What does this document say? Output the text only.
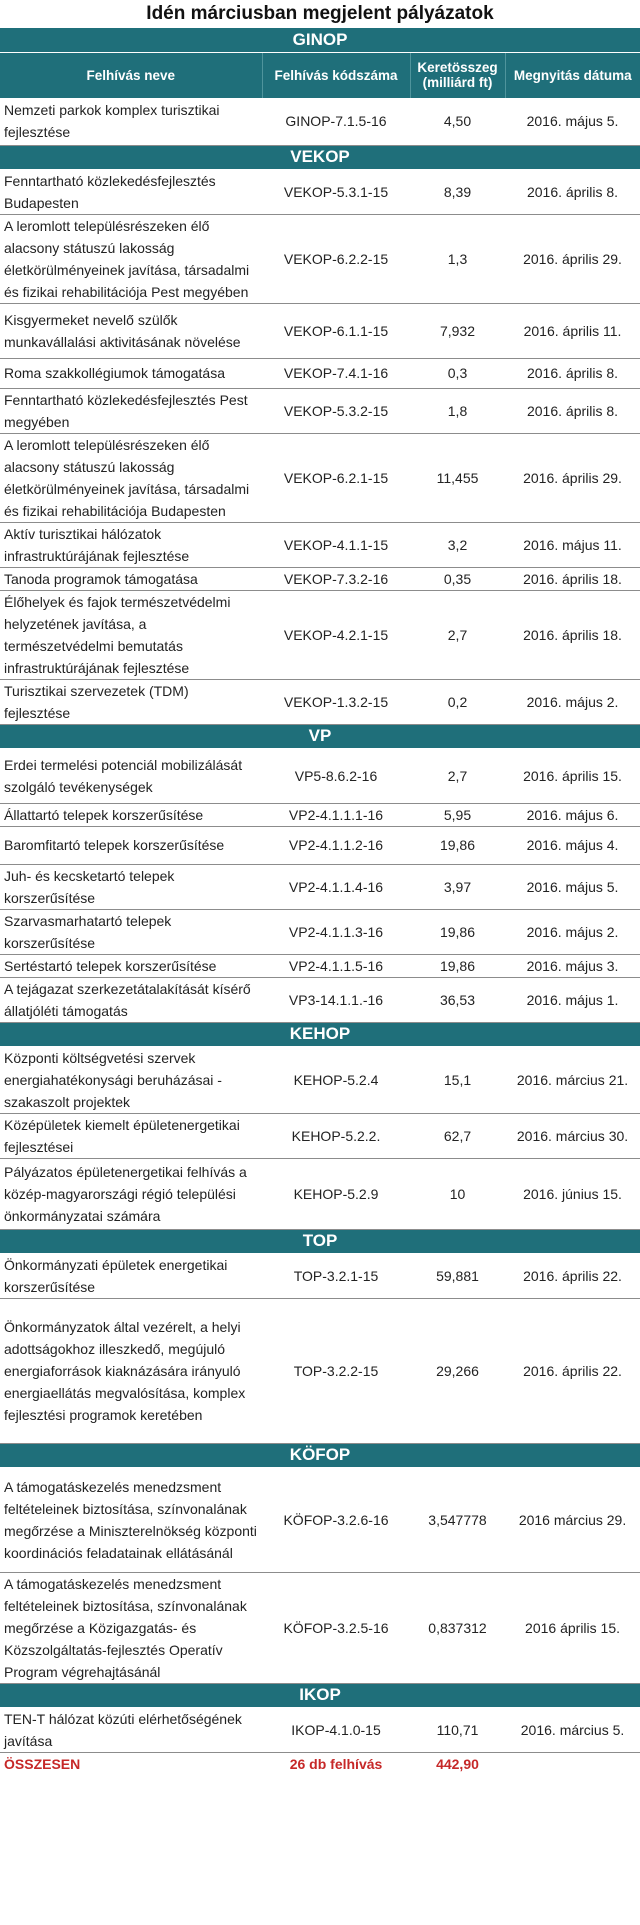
Idén márciusban megjelent pályázatok
GINOP			
Felhívás neve	Felhívás kódszáma	Keretösszeg (milliárd ft)	Megnyitás dátuma
Nemzeti parkok komplex turisztikai fejlesztése	GINOP-7.1.5-16	4,50	2016. május 5.
VEKOP			
Fenntartható közlekedésfejlesztés Budapesten	VEKOP-5.3.1-15	8,39	2016. április 8.
A leromlott településrészeken élő alacsony státuszú lakosság életkörülményeinek javítása, társadalmi és fizikai rehabilitációja Pest megyében	VEKOP-6.2.2-15	1,3	2016. április 29.
Kisgyermeket nevelő szülők munkavállalási aktivitásának növelése	VEKOP-6.1.1-15	7,932	2016. április 11.
Roma szakkollégiumok támogatása	VEKOP-7.4.1-16	0,3	2016. április 8.
Fenntartható közlekedésfejlesztés Pest megyében	VEKOP-5.3.2-15	1,8	2016. április 8.
A leromlott településrészeken élő alacsony státuszú lakosság életkörülményeinek javítása, társadalmi és fizikai rehabilitációja Budapesten	VEKOP-6.2.1-15	11,455	2016. április 29.
Aktív turisztikai hálózatok infrastruktúrájának fejlesztése	VEKOP-4.1.1-15	3,2	2016. május 11.
Tanoda programok támogatása	VEKOP-7.3.2-16	0,35	2016. április 18.
Élőhelyek és fajok természetvédelmi helyzetének javítása, a természetvédelmi bemutatás infrastruktúrájának fejlesztése	VEKOP-4.2.1-15	2,7	2016. április 18.
Turisztikai szervezetek (TDM) fejlesztése	VEKOP-1.3.2-15	0,2	2016. május 2.
VP			
Erdei termelési potenciál mobilizálását szolgáló tevékenységek	VP5-8.6.2-16	2,7	2016. április 15.
Állattartó telepek korszerűsítése	VP2-4.1.1.1-16	5,95	2016. május 6.
Baromfitartó telepek korszerűsítése	VP2-4.1.1.2-16	19,86	2016. május 4.
Juh- és kecsketartó telepek korszerűsítése	VP2-4.1.1.4-16	3,97	2016. május 5.
Szarvasmarhatartó telepek korszerűsítése	VP2-4.1.1.3-16	19,86	2016. május 2.
Sertéstartó telepek korszerűsítése	VP2-4.1.1.5-16	19,86	2016. május 3.
A tejágazat szerkezetátalakítását kísérő állatjóléti támogatás	VP3-14.1.1.-16	36,53	2016. május 1.
KEHOP			
Központi költségvetési szervek energiahatékonysági beruházásai - szakaszolt projektek	KEHOP-5.2.4	15,1	2016. március 21.
Középületek kiemelt épületenergetikai fejlesztései	KEHOP-5.2.2.	62,7	2016. március 30.
Pályázatos épületenergetikai felhívás a közép-magyarországi régió települési önkormányzatai számára	KEHOP-5.2.9	10	2016. június 15.
TOP			
Önkormányzati épületek energetikai korszerűsítése	TOP-3.2.1-15	59,881	2016. április 22.
Önkormányzatok által vezérelt, a helyi adottságokhoz illeszkedő, megújuló energiaforrások kiaknázására irányuló energiaellátás megvalósítása, komplex fejlesztési programok keretében	TOP-3.2.2-15	29,266	2016. április 22.
KÖFOP			
A támogatáskezelés menedzsment feltételeinek biztosítása, színvonalának megőrzése a Miniszterelnökség központi koordinációs feladatainak ellátásánál	KÖFOP-3.2.6-16	3,547778	2016 március 29.
A támogatáskezelés menedzsment feltételeinek biztosítása, színvonalának megőrzése a Közigazgatás- és Közszolgáltatás-fejlesztés Operatív Program végrehajtásánál	KÖFOP-3.2.5-16	0,837312	2016 április 15.
IKOP			
TEN-T hálózat közúti elérhetőségének javítása	IKOP-4.1.0-15	110,71	2016. március 5.
ÖSSZESEN	26 db felhívás	442,90	
